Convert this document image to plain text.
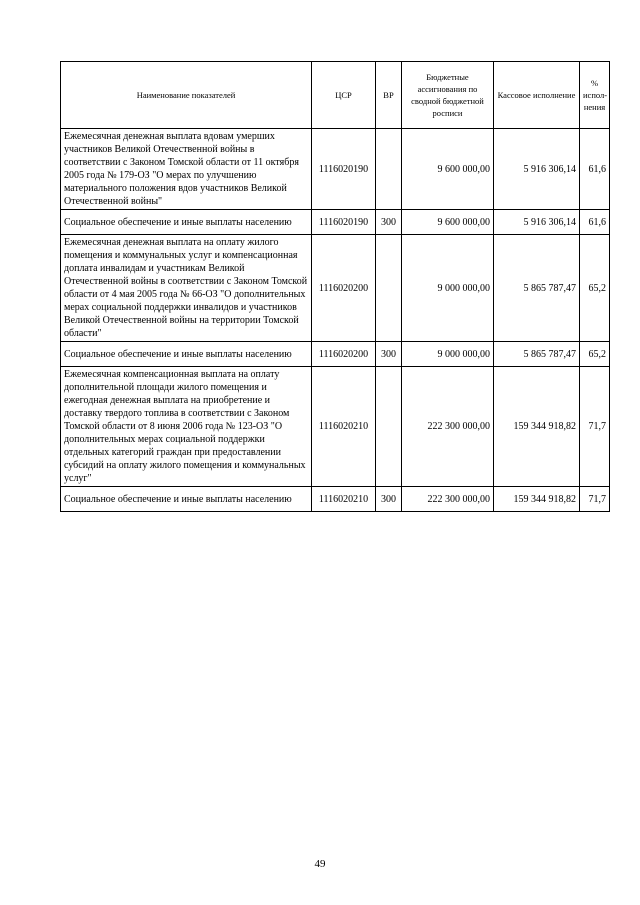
Наименование показателей	ЦСР	ВР	Бюджетные ассигнования по сводной бюджетной росписи	Кассовое исполнение	% испол-нения
Ежемесячная денежная выплата вдовам умерших участников Великой Отечественной войны в соответствии с Законом Томской области от 11 октября 2005 года № 179-ОЗ "О мерах по улучшению материального положения вдов участников Великой Отечественной войны"	1116020190		9 600 000,00	5 916 306,14	61,6
Социальное обеспечение и иные выплаты населению	1116020190	300	9 600 000,00	5 916 306,14	61,6
Ежемесячная денежная выплата на оплату жилого помещения и коммунальных услуг и компенсационная доплата инвалидам и участникам Великой Отечественной войны в соответствии с Законом Томской области от 4 мая 2005 года № 66-ОЗ "О дополнительных мерах социальной поддержки инвалидов и участников Великой Отечественной войны на территории Томской области"	1116020200		9 000 000,00	5 865 787,47	65,2
Социальное обеспечение и иные выплаты населению	1116020200	300	9 000 000,00	5 865 787,47	65,2
Ежемесячная компенсационная выплата на оплату дополнительной площади жилого помещения и ежегодная денежная выплата на приобретение и доставку твердого топлива в соответствии с Законом Томской области от 8 июня 2006 года № 123-ОЗ "О дополнительных мерах социальной поддержки отдельных категорий граждан при предоставлении субсидий на оплату жилого помещения и коммунальных услуг"	1116020210		222 300 000,00	159 344 918,82	71,7
Социальное обеспечение и иные выплаты населению	1116020210	300	222 300 000,00	159 344 918,82	71,7
49
